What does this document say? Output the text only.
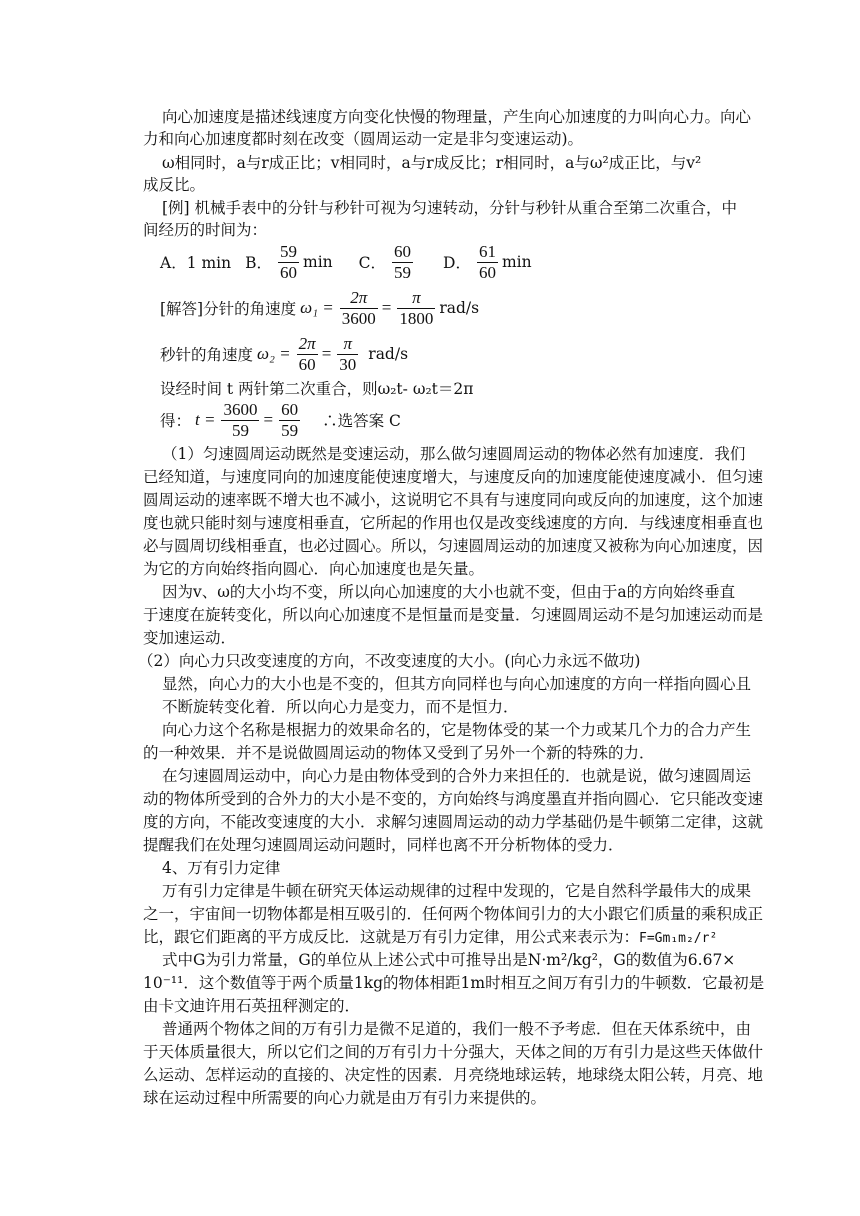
向心加速度是描述线速度方向变化快慢的物理量，产生向心加速度的力叫向心力。向心
力和向心加速度都时刻在改变（圆周运动一定是非匀变速运动)。
ω相同时，a与r成正比；v相同时，a与r成反比；r相同时，a与ω²成正比，与v²
成反比。
[例] 机械手表中的分针与秒针可视为匀速转动，分针与秒针从重合至第二次重合，中
间经历的时间为：
A．1 min B． $\frac{59}{60}$ min C． $\frac{60}{59}$ D． $\frac{61}{60}$ min
[解答]分针的角速度 $\omega_1 = \frac{2\pi}{3600} = \frac{\pi}{1800} rad/s$
秒针的角速度 $\omega_2 = \frac{2\pi}{60} = \frac{\pi}{30} rad/s$
设经时间 t 两针第二次重合，则ω₂t- ω₂t＝2π
得： $t = \frac{3600}{59} = \frac{60}{59}$ ∴选答案 C
（1）匀速圆周运动既然是变速运动，那么做匀速圆周运动的物体必然有加速度．我们
已经知道，与速度同向的加速度能使速度增大，与速度反向的加速度能使速度减小．但匀速
圆周运动的速率既不增大也不减小，这说明它不具有与速度同向或反向的加速度，这个加速
度也就只能时刻与速度相垂直，它所起的作用也仅是改变线速度的方向．与线速度相垂直也
必与圆周切线相垂直，也必过圆心。所以，匀速圆周运动的加速度又被称为向心加速度，因
为它的方向始终指向圆心．向心加速度也是矢量。
因为v、ω的大小均不变，所以向心加速度的大小也就不变，但由于a的方向始终垂直
于速度在旋转变化，所以向心加速度不是恒量而是变量．匀速圆周运动不是匀加速运动而是
变加速运动．
（2）向心力只改变速度的方向，不改变速度的大小。(向心力永远不做功)
显然，向心力的大小也是不变的，但其方向同样也与向心加速度的方向一样指向圆心且
不断旋转变化着．所以向心力是变力，而不是恒力．
向心力这个名称是根据力的效果命名的，它是物体受的某一个力或某几个力的合力产生
的一种效果．并不是说做圆周运动的物体又受到了另外一个新的特殊的力．
在匀速圆周运动中，向心力是由物体受到的合外力来担任的．也就是说，做匀速圆周运
动的物体所受到的合外力的大小是不变的，方向始终与鸿度墨直并指向圆心．它只能改变速
度的方向，不能改变速度的大小．求解匀速圆周运动的动力学基础仍是牛顿第二定律，这就
提醒我们在处理匀速圆周运动问题时，同样也离不开分析物体的受力．
4、万有引力定律
万有引力定律是牛顿在研究天体运动规律的过程中发现的，它是自然科学最伟大的成果
之一，宇宙间一切物体都是相互吸引的．任何两个物体间引力的大小跟它们质量的乘积成正
比，跟它们距离的平方成反比．这就是万有引力定律，用公式来表示为：F=Gm₁m₂/r²
式中G为引力常量，G的单位从上述公式中可推导出是N·m²/kg²，G的数值为6.67×
10⁻¹¹．这个数值等于两个质量1kg的物体相距1m时相互之间万有引力的牛顿数．它最初是
由卡文迪许用石英扭秤测定的．
普通两个物体之间的万有引力是微不足道的，我们一般不予考虑．但在天体系统中，由
于天体质量很大，所以它们之间的万有引力十分强大，天体之间的万有引力是这些天体做什
么运动、怎样运动的直接的、决定性的因素．月亮绕地球运转，地球绕太阳公转，月亮、地
球在运动过程中所需要的向心力就是由万有引力来提供的。
